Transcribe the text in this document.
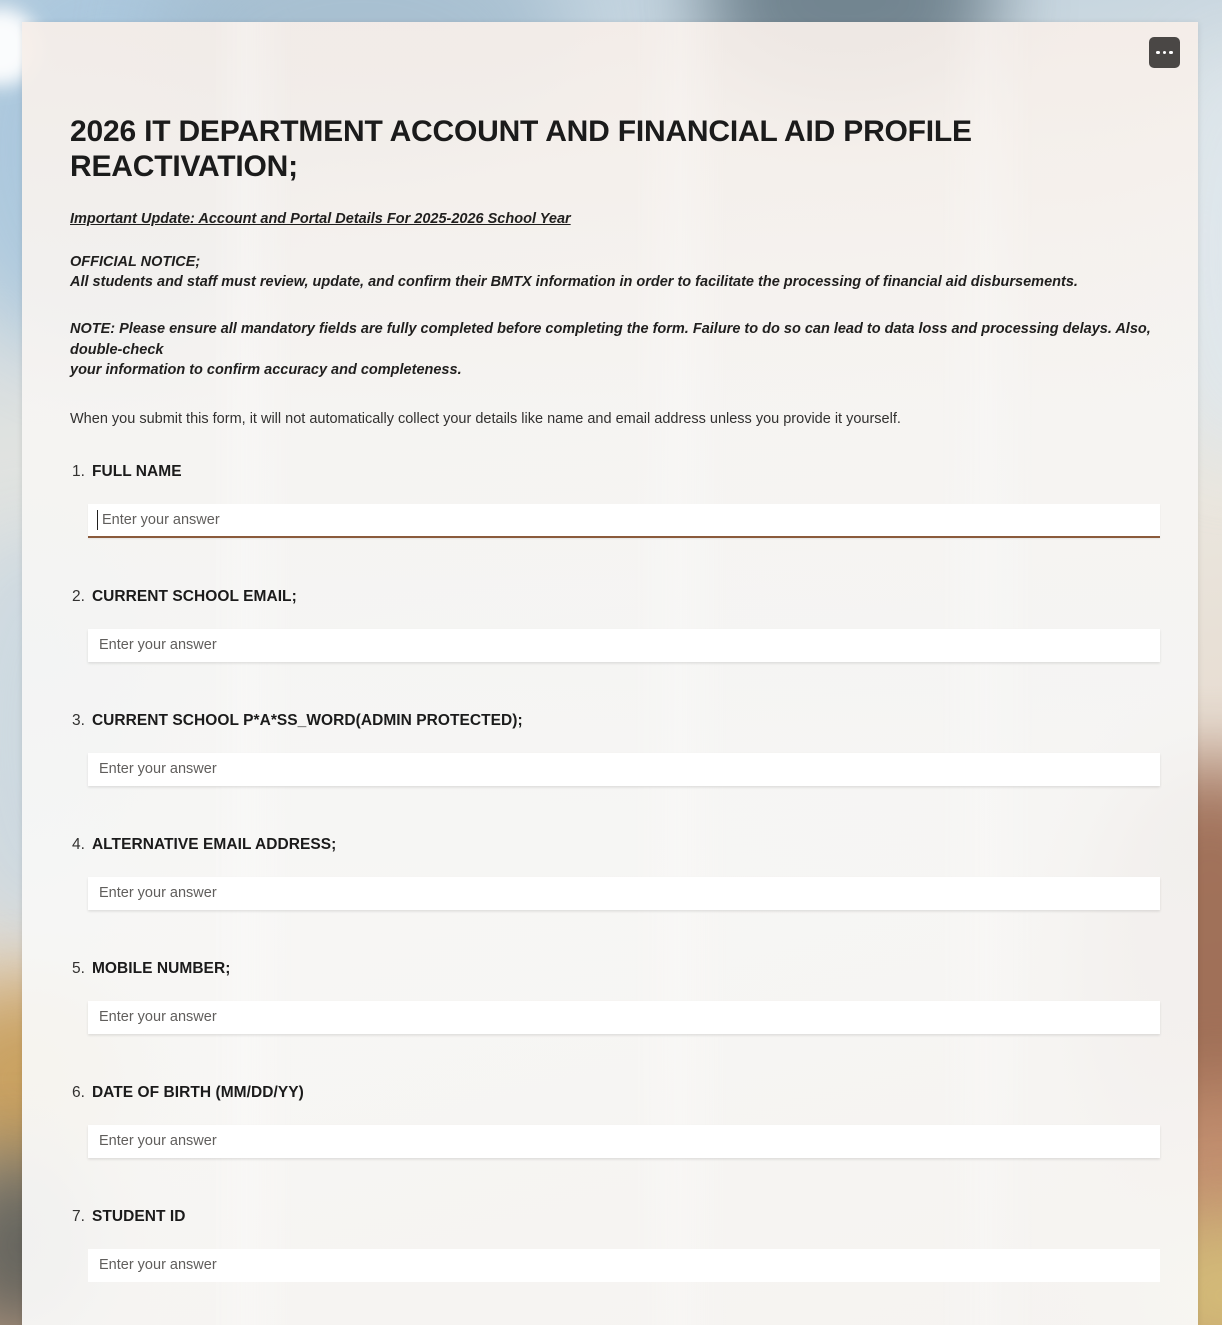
2026 IT DEPARTMENT ACCOUNT AND FINANCIAL AID PROFILE REACTIVATION;
Important Update: Account and Portal Details For 2025-2026 School Year
OFFICIAL NOTICE;
All students and staff must review, update, and confirm their BMTX information in order to facilitate the processing of financial aid disbursements.
NOTE: Please ensure all mandatory fields are fully completed before completing the form. Failure to do so can lead to data loss and processing delays. Also, double-check
your information to confirm accuracy and completeness.
When you submit this form, it will not automatically collect your details like name and email address unless you provide it yourself.
1. FULL NAME
Enter your answer
2. CURRENT SCHOOL EMAIL;
Enter your answer
3. CURRENT SCHOOL P*A*SS_WORD(ADMIN PROTECTED);
Enter your answer
4. ALTERNATIVE EMAIL ADDRESS;
Enter your answer
5. MOBILE NUMBER;
Enter your answer
6. DATE OF BIRTH (MM/DD/YY)
Enter your answer
7. STUDENT ID
Enter your answer
